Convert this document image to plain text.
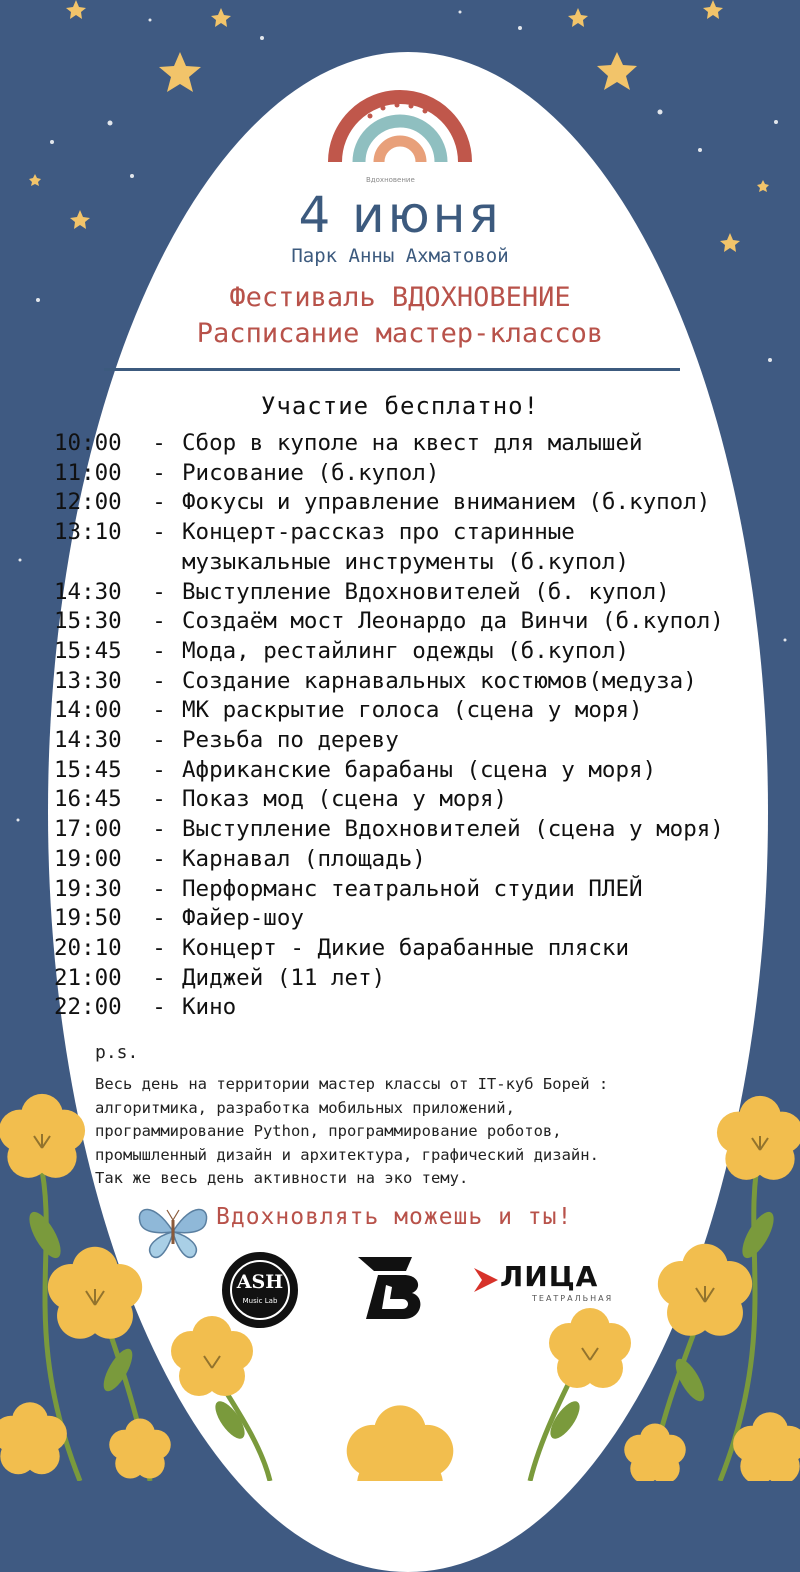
Вдохновение
4 июня
Парк Анны Ахматовой
Фестиваль ВДОХНОВЕНИЕ
Расписание мастер-классов
Участие бесплатно!
10:00	- Сбор в куполе на квест для малышей
11:00	- Рисование (б.купол)
12:00	- Фокусы и управление вниманием (б.купол)
13:10	- Концерт-рассказ про старинные
музыкальные инструменты (б.купол)
14:30	- Выступление Вдохновителей (б. купол)
15:30	- Создаём мост Леонардо да Винчи (б.купол)
15:45	- Мода, рестайлинг одежды (б.купол)
13:30	- Создание карнавальных костюмов(медуза)
14:00	- МК раскрытие голоса (сцена у моря)
14:30	- Резьба по дереву
15:45	- Африканские барабаны (сцена у моря)
16:45	- Показ мод (сцена у моря)
17:00	- Выступление Вдохновителей (сцена у моря)
19:00	- Карнавал (площадь)
19:30	- Перформанс театральной студии ПЛЕЙ
19:50	- Файер-шоу
20:10	- Концерт - Дикие барабанные пляски
21:00	- Диджей (11 лет)
22:00	- Кино
p.s.
Весь день на территории мастер классы от IT-куб Борей :
алгоритмика, разработка мобильных приложений,
программирование Python, программирование роботов,
промышленный дизайн и архитектура, графический дизайн.
Так же весь день активности на эко тему.
Вдохновлять можешь и ты!
ASH
Music Lab
ЛИЦА
ТЕАТРАЛЬНАЯ
